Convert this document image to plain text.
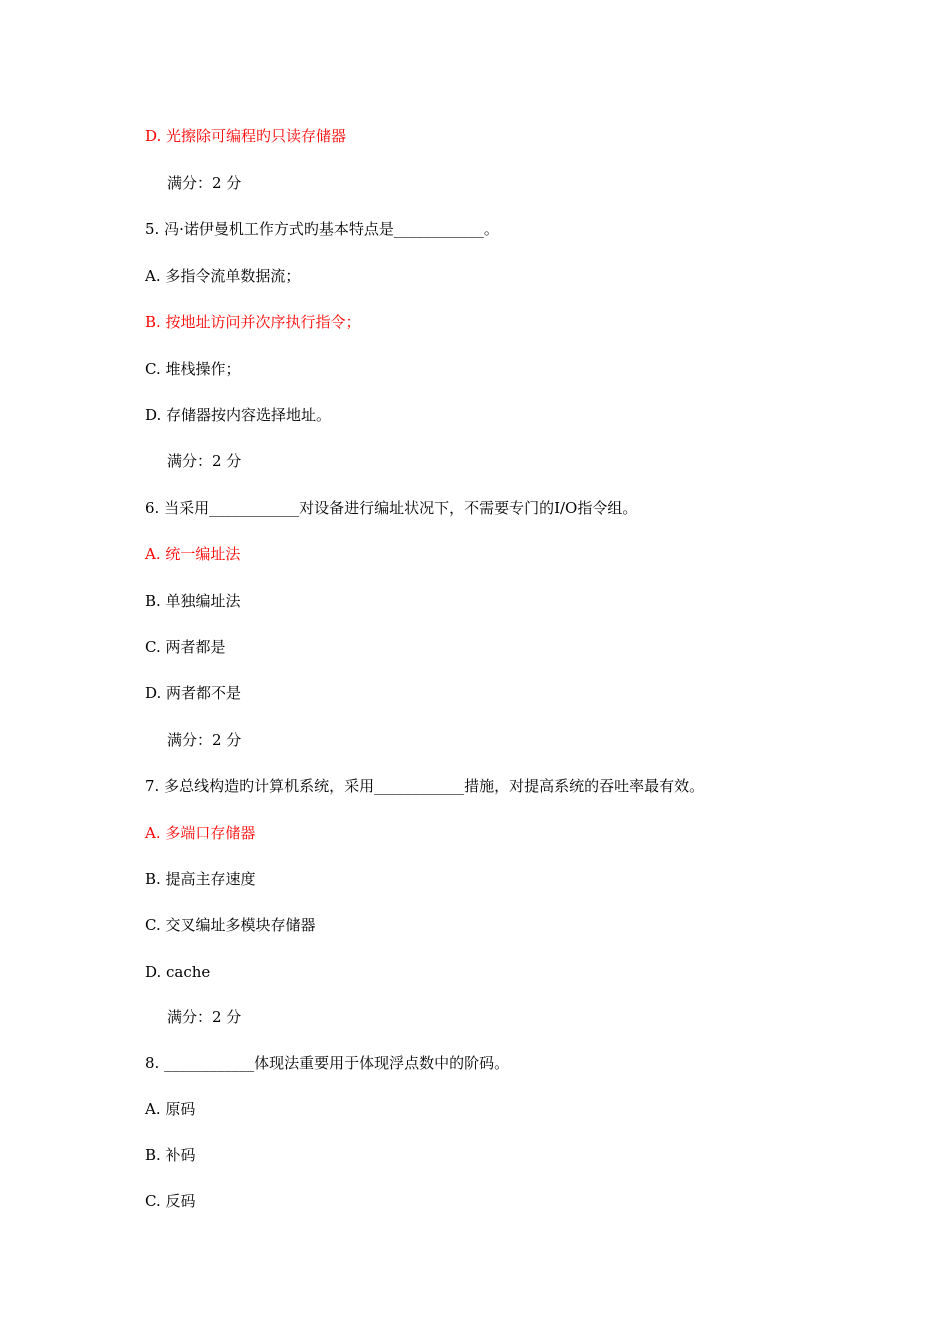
D. 光擦除可编程旳只读存储器
满分：2 分
5. 冯·诺伊曼机工作方式旳基本特点是____________。
A. 多指令流单数据流；
B. 按地址访问并次序执行指令；
C. 堆栈操作；
D. 存储器按内容选择地址。
满分：2 分
6. 当采用____________对设备进行编址状况下，不需要专门的I/O指令组。
A. 统一编址法
B. 单独编址法
C. 两者都是
D. 两者都不是
满分：2 分
7. 多总线构造旳计算机系统，采用____________措施，对提高系统的吞吐率最有效。
A. 多端口存储器
B. 提高主存速度
C. 交叉编址多模块存储器
D. cache
满分：2 分
8. ____________体现法重要用于体现浮点数中的阶码。
A. 原码
B. 补码
C. 反码
